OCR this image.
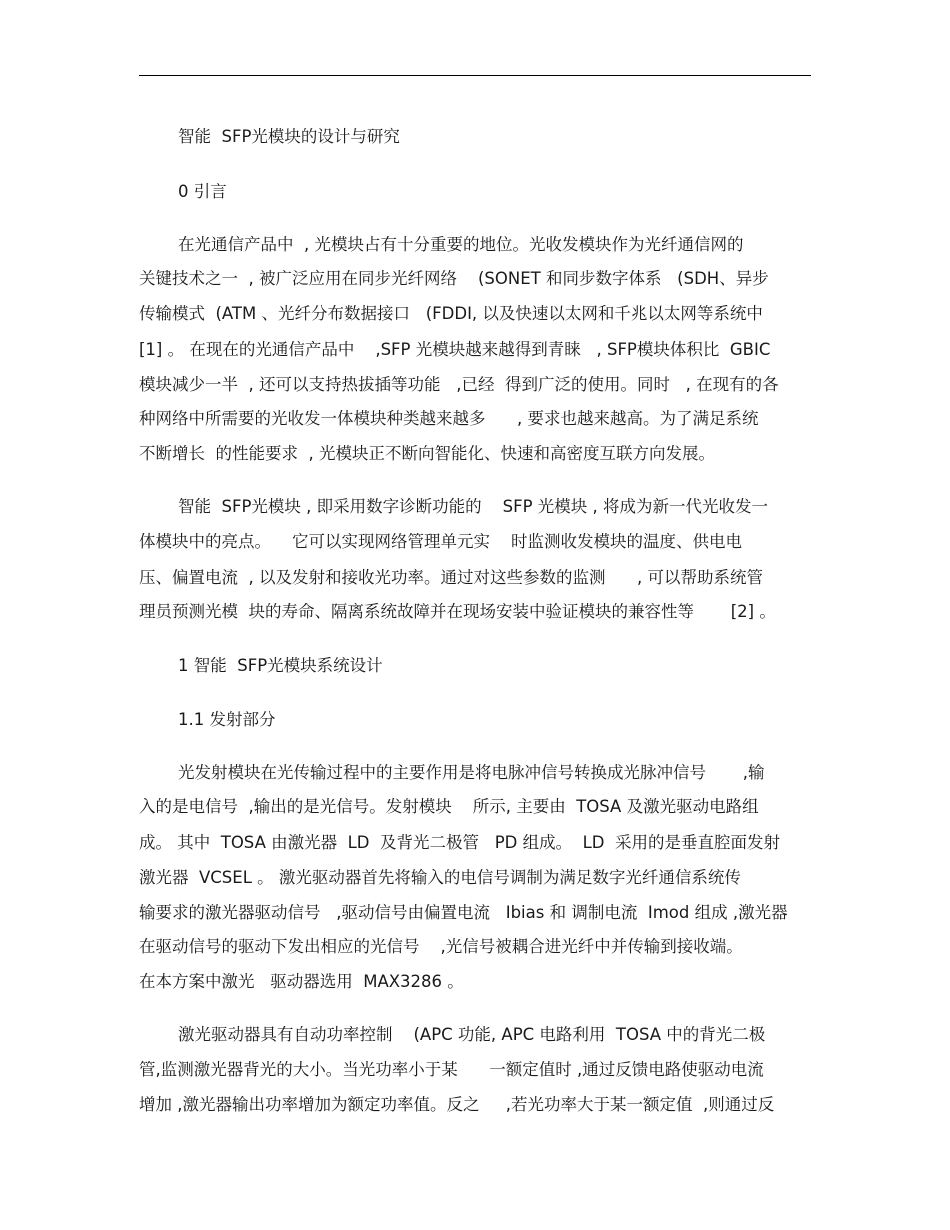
智能  SFP光模块的设计与研究
0 引言
在光通信产品中  , 光模块占有十分重要的地位。光收发模块作为光纤通信网的
关键技术之一  , 被广泛应用在同步光纤网络    (SONET 和同步数字体系   (SDH、异步
传输模式  (ATM 、光纤分布数据接口   (FDDI, 以及快速以太网和千兆以太网等系统中
[1] 。 在现在的光通信产品中    ,SFP 光模块越来越得到青睐   , SFP模块体积比  GBIC
模块减少一半  , 还可以支持热拔插等功能   ,已经  得到广泛的使用。同时   , 在现有的各
种网络中所需要的光收发一体模块种类越来越多      , 要求也越来越高。为了满足系统
不断增长  的性能要求  , 光模块正不断向智能化、快速和高密度互联方向发展。
智能  SFP光模块 , 即采用数字诊断功能的    SFP 光模块 , 将成为新一代光收发一
体模块中的亮点。    它可以实现网络管理单元实    时监测收发模块的温度、供电电
压、偏置电流  , 以及发射和接收光功率。通过对这些参数的监测      , 可以帮助系统管
理员预测光模  块的寿命、隔离系统故障并在现场安装中验证模块的兼容性等       [2] 。
1 智能  SFP光模块系统设计
1.1 发射部分
光发射模块在光传输过程中的主要作用是将电脉冲信号转换成光脉冲信号       ,输
入的是电信号  ,输出的是光信号。发射模块    所示, 主要由  TOSA 及激光驱动电路组
成。 其中  TOSA 由激光器  LD  及背光二极管   PD 组成。  LD  采用的是垂直腔面发射
激光器  VCSEL 。 激光驱动器首先将输入的电信号调制为满足数字光纤通信系统传
输要求的激光器驱动信号   ,驱动信号由偏置电流   Ibias 和 调制电流  Imod 组成 ,激光器
在驱动信号的驱动下发出相应的光信号    ,光信号被耦合进光纤中并传输到接收端。
在本方案中激光   驱动器选用  MAX3286 。
激光驱动器具有自动功率控制    (APC 功能, APC 电路利用  TOSA 中的背光二极
管,监测激光器背光的大小。当光功率小于某      一额定值时 ,通过反馈电路使驱动电流
增加 ,激光器输出功率增加为额定功率值。反之     ,若光功率大于某一额定值  ,则通过反
